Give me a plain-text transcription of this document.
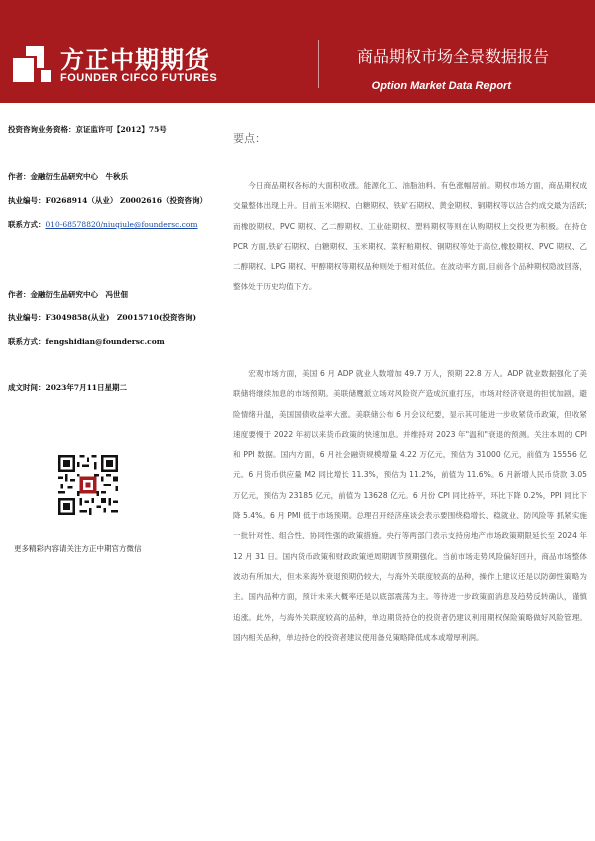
方正中期期货
FOUNDER CIFCO FUTURES
商品期权市场全景数据报告
Option Market Data Report
投资咨询业务资格：京证监许可【2012】75号
作者：金融衍生品研究中心　牛秋乐
执业编号：F0268914（从业） Z0002616（投资咨询）
联系方式：010-68578820/niuqiule@foundersc.com
作者：金融衍生品研究中心　冯世佃
执业编号：F3049858(从业)　Z0015710(投资咨询)
联系方式：fengshidian@foundersc.com
成文时间：2023年7月11日星期二
更多精彩内容请关注方正中期官方微信
要点：

今日商品期权各标的大面积收涨。能源化工、油脂油料、有色涨幅居前。期权市场方面，商品期权成交量整体出现上升。目前玉米期权、白糖期权、铁矿石期权、黄金期权、铜期权等以沽合约成交最为活跃;而橡胶期权、PVC 期权、乙二醇期权、工业硅期权、塑料期权等则在认购期权上交投更为积极。在持仓 PCR 方面,铁矿石期权、白糖期权、玉米期权、菜籽粕期权、铜期权等处于高位,橡胶期权、PVC 期权、乙二醇期权、LPG 期权、甲醇期权等期权品种则处于相对低位。在波动率方面,目前各个品种期权隐波回落，整体处于历史均值下方。

宏观市场方面，美国 6 月 ADP 就业人数增加 49.7 万人，预期 22.8 万人。ADP 就业数据强化了美联储将继续加息的市场预期。美联储鹰派立场对风险资产造成沉重打压，市场对经济衰退的担忧加剧，避险情绪升温，美国国债收益率大涨。美联储公布 6 月会议纪要，显示其可能进一步收紧货币政策，但收紧速度要慢于 2022 年初以来货币政策的快速加息。并维持对 2023 年"温和"衰退的预测。关注本周的 CPI 和 PPI 数据。国内方面，6 月社会融资规模增量 4.22 万亿元，预估为 31000 亿元，前值为 15556 亿元。6 月货币供应量 M2 同比增长 11.3%，预估为 11.2%，前值为 11.6%。6 月新增人民币贷款 3.05 万亿元，预估为 23185 亿元，前值为 13628 亿元。6 月份 CPI 同比持平，环比下降 0.2%，PPI 同比下降 5.4%。6 月 PMI 低于市场预期。总理召开经济座谈会表示要围绕稳增长、稳就业、防风险等 抓紧实施一批针对性、组合性、协同性强的政策措施。央行等两部门表示支持房地产市场政策期限延长至 2024 年 12 月 31 日。国内货币政策和财政政策逆周期调节预期强化。当前市场走势风险偏好回升，商品市场整体波动有所加大，但未来海外衰退预期仍较大，与海外关联度较高的品种，操作上建议还是以防御性策略为主。国内品种方面，预计未来大概率还是以底部震荡为主。等待进一步政策面消息及趋势反转确认，谨慎追涨。此外，与海外关联度较高的品种，单边期货持仓的投资者仍建议利用期权保险策略做好风险管理。国内相关品种，单边持仓的投资者建议使用备兑策略降低成本或增厚利润。
